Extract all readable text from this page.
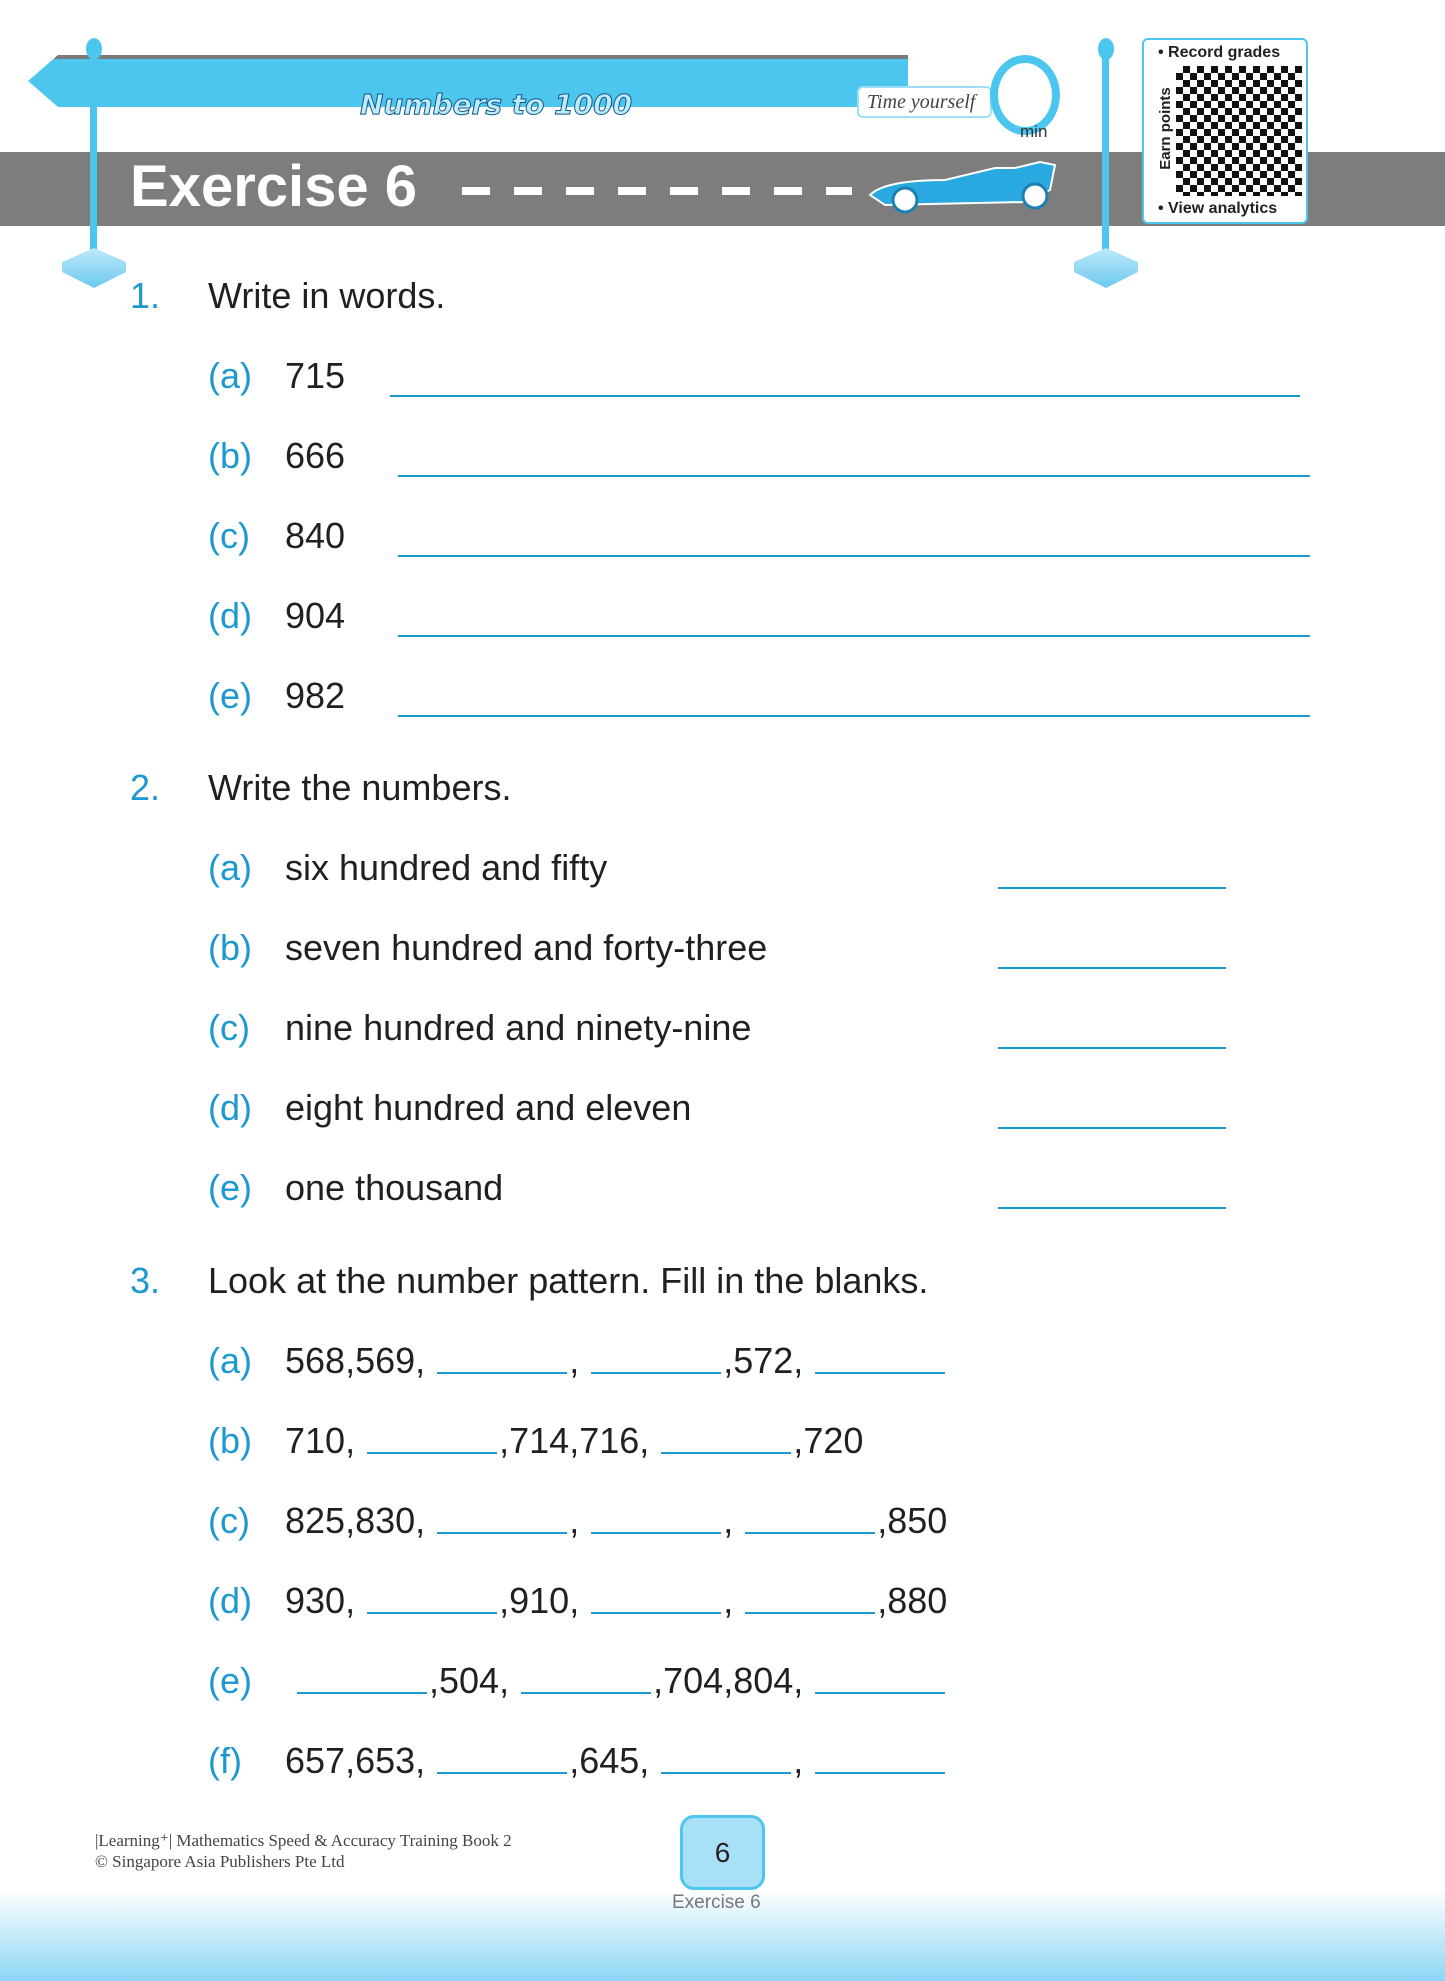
Numbers to 1000	Time yourself
min
Exercise 6
• Record grades
Earn points
• View analytics
1. Write in words.
(a) 715
(b) 666
(c) 840
(d) 904
(e) 982
2. Write the numbers.
(a) six hundred and fifty
(b) seven hundred and forty-three
(c) nine hundred and ninety-nine
(d) eight hundred and eleven
(e) one thousand
3. Look at the number pattern. Fill in the blanks.
(a) 568 , 569 ,	,	, 572 ,
(b) 710 ,	, 714 , 716 ,	, 720
(c) 825 , 830 ,	,	,	, 850
(d) 930 ,	, 910 ,	,	, 880
(e)	, 504 ,	, 704 , 804 ,
(f) 657 , 653 ,	, 645 ,	,
|Learning⁺| Mathematics Speed & Accuracy Training Book 2
© Singapore Asia Publishers Pte Ltd	6
Exercise 6
